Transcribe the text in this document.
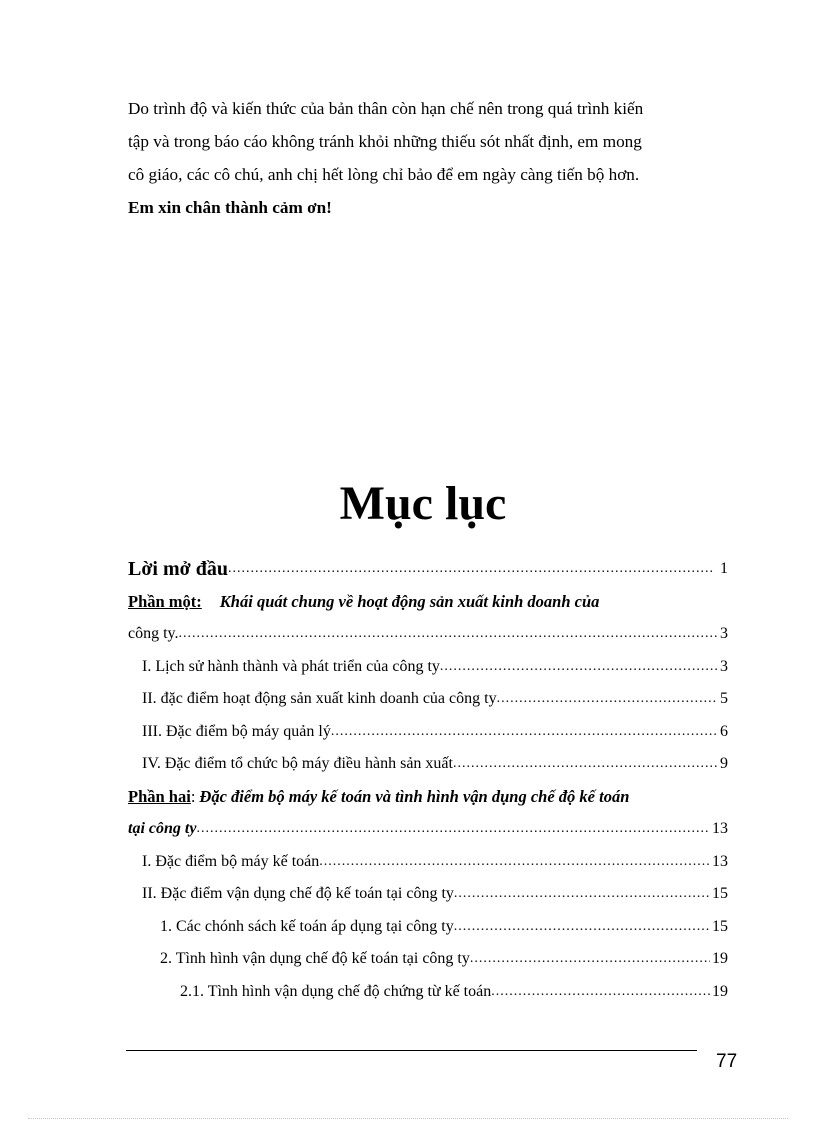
Do trình độ và kiến thức của bản thân còn hạn chế nên trong quá trình kiến

tập và trong báo cáo không tránh khỏi những thiếu sót nhất định, em mong

cô giáo, các cô chú, anh chị hết lòng chỉ bảo để em ngày càng tiến bộ hơn.

Em xin chân thành cảm ơn!

Mục lục
Lời mở đầu .....	1
Phần một: Khái quát chung về hoạt động sản xuất kinh doanh của
công ty. .....	3
I. Lịch sử hành thành và phát triển của công ty .....	3
II. đặc điểm hoạt động sản xuất kinh doanh của công ty .....	5
III. Đặc điểm bộ máy quản lý .....	6
IV. Đặc điểm tổ chức bộ máy điều hành sản xuất .....	9
Phần hai : Đặc điểm bộ máy kế toán và tình hình vận dụng chế độ kế toán
tại công ty .....	13
I. Đặc điểm bộ máy kế toán .....	13
II. Đặc điểm vận dụng chế độ kế toán tại công ty .....	15
1. Các chónh sách kế toán áp dụng tại công ty .....	15
2. Tình hình vận dụng chế độ kế toán tại công ty .....	19
2.1. Tình hình vận dụng chế độ chứng từ kế toán .....	19
77
